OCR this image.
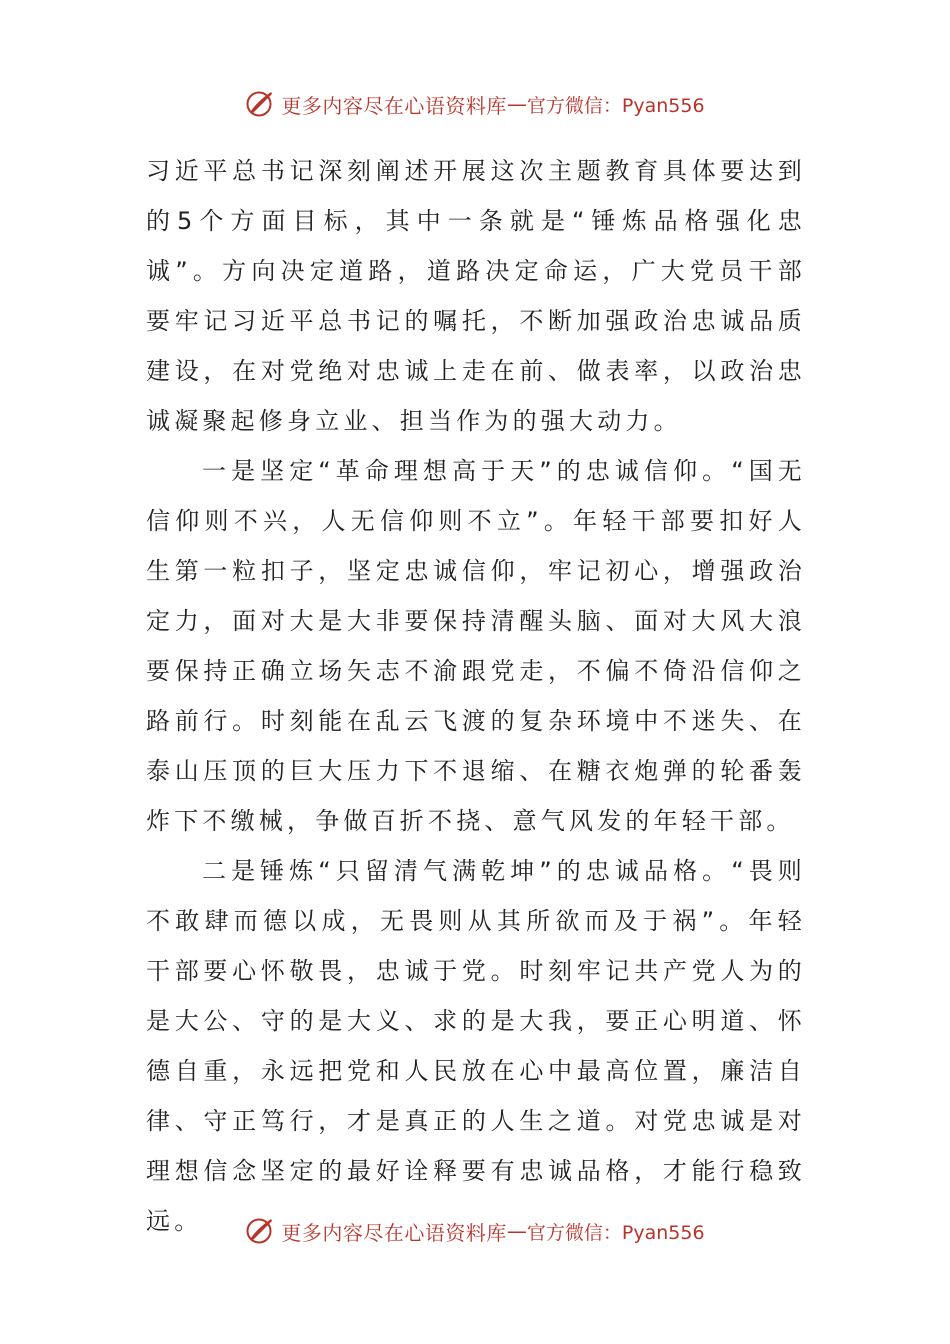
更多内容尽在心语资料库 — 官方微信：Pyan556

习近平总书记深刻阐述开展这次主题教育具体要达到的5个方面目标，其中一条就是“锤炼品格强化忠诚”。方向决定道路，道路决定命运，广大党员干部要牢记习近平总书记的嘱托，不断加强政治忠诚品质建设，在对党绝对忠诚上走在前、做表率，以政治忠诚凝聚起修身立业、担当作为的强大动力。

一是坚定“革命理想高于天”的忠诚信仰。“国无信仰则不兴，人无信仰则不立”。年轻干部要扣好人生第一粒扣子，坚定忠诚信仰，牢记初心，增强政治定力，面对大是大非要保持清醒头脑、面对大风大浪要保持正确立场矢志不渝跟党走，不偏不倚沿信仰之路前行。时刻能在乱云飞渡的复杂环境中不迷失、在泰山压顶的巨大压力下不退缩、在糖衣炮弹的轮番轰炸下不缴械，争做百折不挠、意气风发的年轻干部。

二是锤炼“只留清气满乾坤”的忠诚品格。“畏则不敢肆而德以成，无畏则从其所欲而及于祸”。年轻干部要心怀敬畏，忠诚于党。时刻牢记共产党人为的是大公、守的是大义、求的是大我，要正心明道、怀德自重，永远把党和人民放在心中最高位置，廉洁自律、守正笃行，才是真正的人生之道。对党忠诚是对理想信念坚定的最好诠释要有忠诚品格，才能行稳致远。	更多内容尽在心语资料库 — 官方微信：Pyan556
